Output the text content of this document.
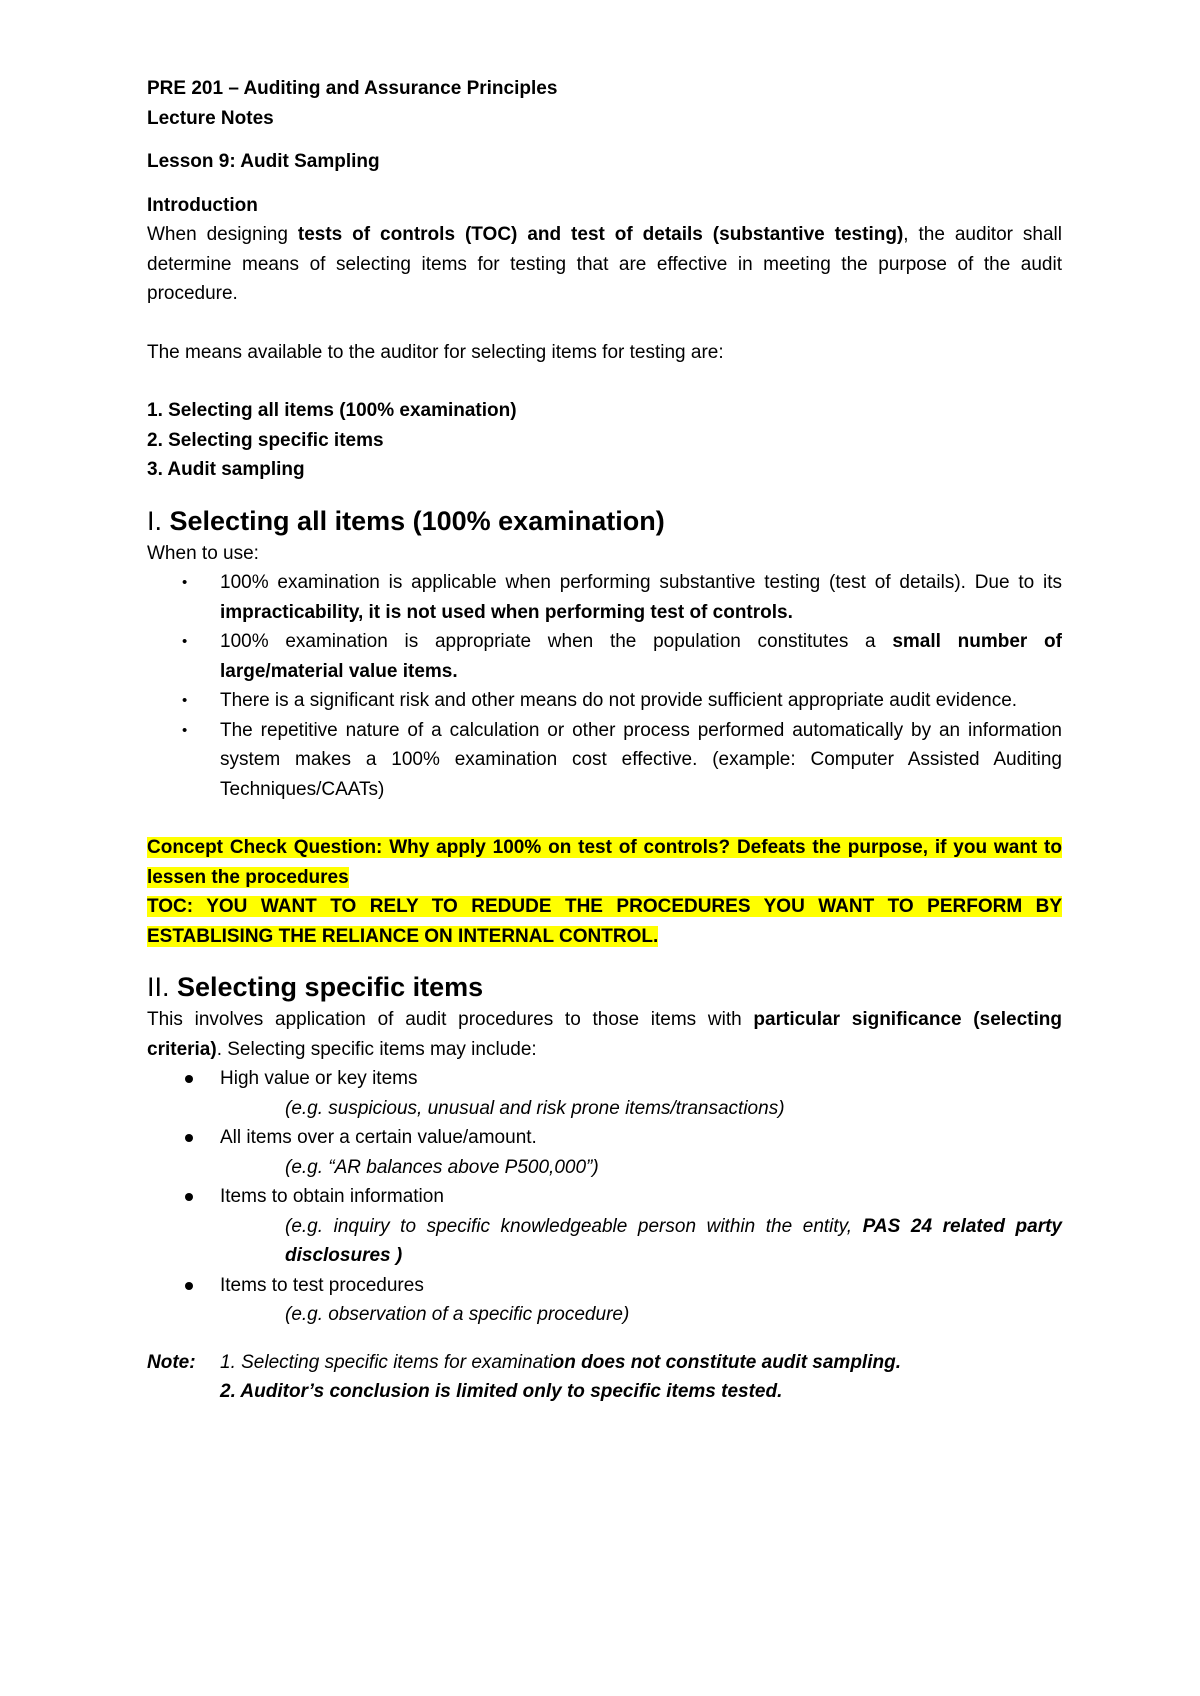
PRE 201 – Auditing and Assurance Principles

Lecture Notes

Lesson 9: Audit Sampling

Introduction

When designing tests of controls (TOC) and test of details (substantive testing), the auditor shall determine means of selecting items for testing that are effective in meeting the purpose of the audit procedure.

The means available to the auditor for selecting items for testing are:

1. Selecting all items (100% examination)
2. Selecting specific items
3. Audit sampling
I. Selecting all items (100% examination)

When to use:

• 100% examination is applicable when performing substantive testing (test of details). Due to its impracticability, it is not used when performing test of controls.
• 100% examination is appropriate when the population constitutes a small number of large/material value items.
• There is a significant risk and other means do not provide sufficient appropriate audit evidence.
• The repetitive nature of a calculation or other process performed automatically by an information system makes a 100% examination cost effective. (example: Computer Assisted Auditing Techniques/CAATs)

Concept Check Question: Why apply 100% on test of controls? Defeats the purpose, if you want to lessen the procedures

TOC: YOU WANT TO RELY TO REDUDE THE PROCEDURES YOU WANT TO PERFORM BY ESTABLISING THE RELIANCE ON INTERNAL CONTROL.

II. Selecting specific items

This involves application of audit procedures to those items with particular significance (selecting criteria). Selecting specific items may include:

High value or key items

(e.g. suspicious, unusual and risk prone items/transactions)

All items over a certain value/amount.

(e.g. “AR balances above P500,000”)

Items to obtain information

(e.g. inquiry to specific knowledgeable person within the entity, PAS 24 related party disclosures )

Items to test procedures

(e.g. observation of a specific procedure)

Note:	1. Selecting specific items for examination does not constitute audit sampling.

2. Auditor’s conclusion is limited only to specific items tested.
